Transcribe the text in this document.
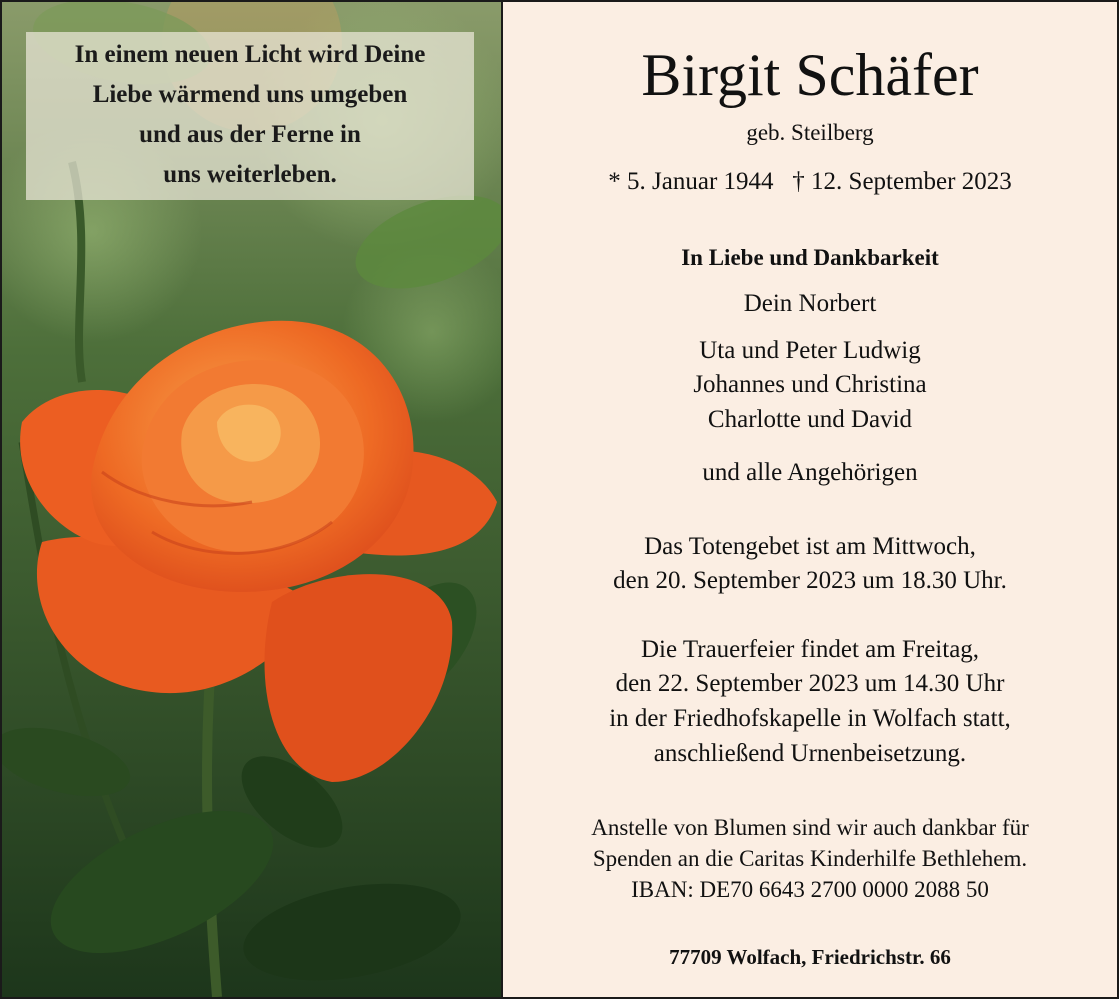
In einem neuen Licht wird Deine
Liebe wärmend uns umgeben
und aus der Ferne in
uns weiterleben.
Birgit Schäfer
geb. Steilberg
* 5. Januar 1944   † 12. September 2023
In Liebe und Dankbarkeit
Dein Norbert
Uta und Peter Ludwig
Johannes und Christina
Charlotte und David
und alle Angehörigen
Das Totengebet ist am Mittwoch,
den 20. September 2023 um 18.30 Uhr.
Die Trauerfeier findet am Freitag,
den 22. September 2023 um 14.30 Uhr
in der Friedhofskapelle in Wolfach statt,
anschließend Urnenbeisetzung.
Anstelle von Blumen sind wir auch dankbar für
Spenden an die Caritas Kinderhilfe Bethlehem.
IBAN: DE70 6643 2700 0000 2088 50
77709 Wolfach, Friedrichstr. 66
